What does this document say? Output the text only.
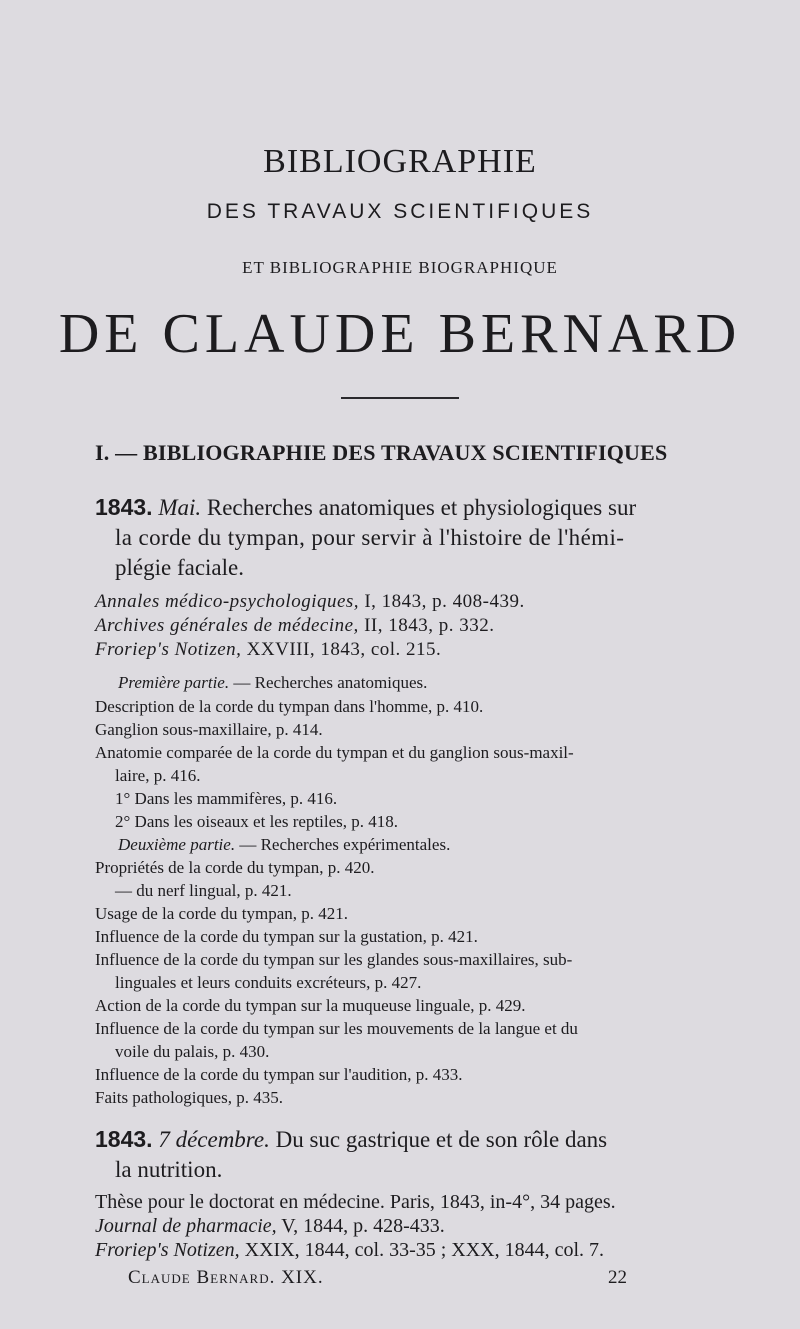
BIBLIOGRAPHIE
DES TRAVAUX SCIENTIFIQUES
ET BIBLIOGRAPHIE BIOGRAPHIQUE
DE CLAUDE BERNARD
I. — BIBLIOGRAPHIE DES TRAVAUX SCIENTIFIQUES
1843. Mai. Recherches anatomiques et physiologiques sur
la corde du tympan, pour servir à l'histoire de l'hémi-
plégie faciale.
Annales médico-psychologiques, I, 1843, p. 408-439.
Archives générales de médecine, II, 1843, p. 332.
Froriep's Notizen, XXVIII, 1843, col. 215.
Première partie. — Recherches anatomiques.
Description de la corde du tympan dans l'homme, p. 410.
Ganglion sous-maxillaire, p. 414.
Anatomie comparée de la corde du tympan et du ganglion sous-maxil-
laire, p. 416.
1° Dans les mammifères, p. 416.
2° Dans les oiseaux et les reptiles, p. 418.
Deuxième partie. — Recherches expérimentales.
Propriétés de la corde du tympan, p. 420.
— du nerf lingual, p. 421.
Usage de la corde du tympan, p. 421.
Influence de la corde du tympan sur la gustation, p. 421.
Influence de la corde du tympan sur les glandes sous-maxillaires, sub-
linguales et leurs conduits excréteurs, p. 427.
Action de la corde du tympan sur la muqueuse linguale, p. 429.
Influence de la corde du tympan sur les mouvements de la langue et du
voile du palais, p. 430.
Influence de la corde du tympan sur l'audition, p. 433.
Faits pathologiques, p. 435.
1843. 7 décembre. Du suc gastrique et de son rôle dans
la nutrition.
Thèse pour le doctorat en médecine. Paris, 1843, in-4°, 34 pages.
Journal de pharmacie, V, 1844, p. 428-433.
Froriep's Notizen, XXIX, 1844, col. 33-35 ; XXX, 1844, col. 7.
Claude Bernard. XIX.	22
